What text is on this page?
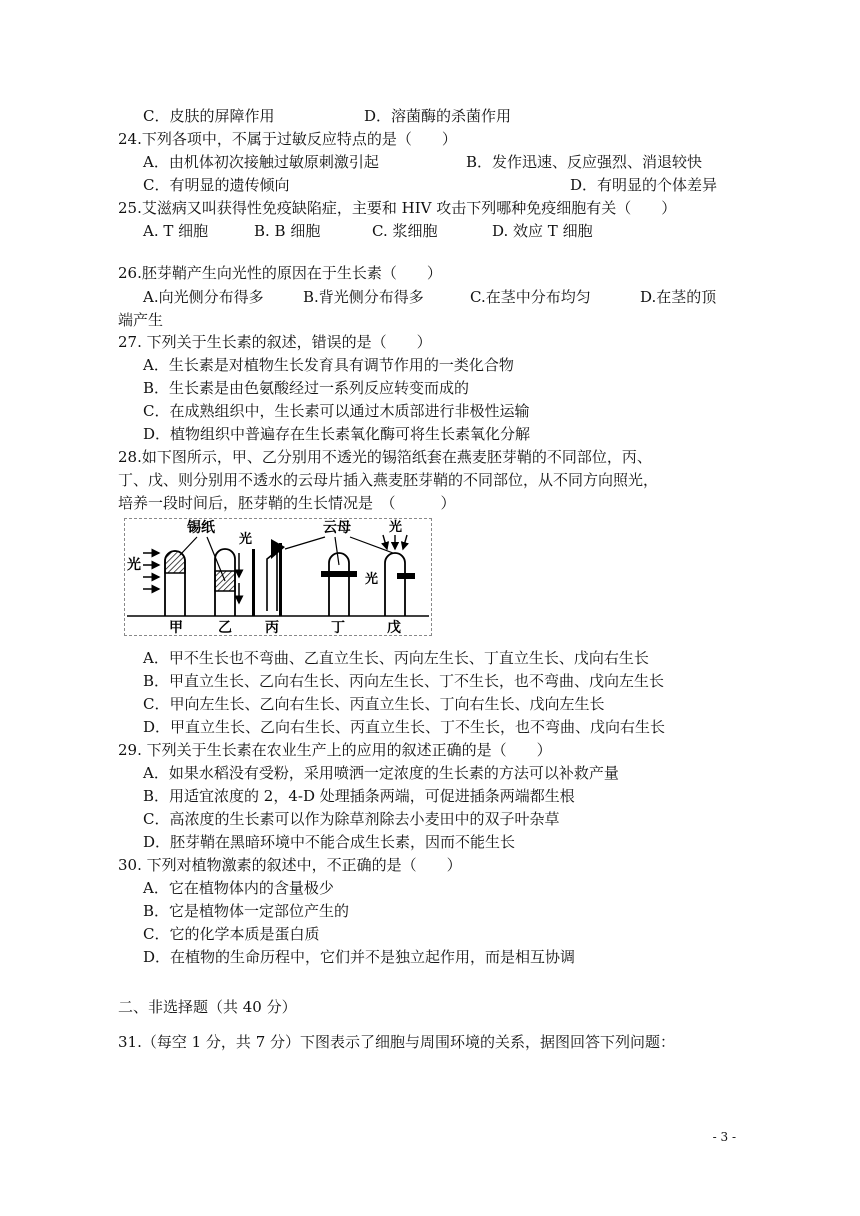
C．皮肤的屏障作用	D．溶菌酶的杀菌作用
24.下列各项中，不属于过敏反应特点的是（　　）
A．由机体初次接触过敏原刺激引起	B．发作迅速、反应强烈、消退较快
C．有明显的遗传倾向	D．有明显的个体差异
25.艾滋病又叫获得性免疫缺陷症，主要和 HIV 攻击下列哪种免疫细胞有关（　　）
A. T 细胞	B. B 细胞	C. 浆细胞	D. 效应 T 细胞
26.胚芽鞘产生向光性的原因在于生长素（　　）
A.向光侧分布得多	B.背光侧分布得多	C.在茎中分布均匀	D.在茎的顶
端产生
27. 下列关于生长素的叙述，错误的是（　　）
A．生长素是对植物生长发育具有调节作用的一类化合物
B．生长素是由色氨酸经过一系列反应转变而成的
C．在成熟组织中，生长素可以通过木质部进行非极性运输
D．植物组织中普遍存在生长素氧化酶可将生长素氧化分解
28.如下图所示，甲、乙分别用不透光的锡箔纸套在燕麦胚芽鞘的不同部位，丙、
丁、戊、则分别用不透水的云母片插入燕麦胚芽鞘的不同部位，从不同方向照光，
培养一段时间后，胚芽鞘的生长情况是　（　　　）
光
甲
锡纸
光
乙 丙
云母
丁
光
光
戊
A．甲不生长也不弯曲、乙直立生长、丙向左生长、丁直立生长、戊向右生长
B．甲直立生长、乙向右生长、丙向左生长、丁不生长，也不弯曲、戊向左生长
C．甲向左生长、乙向右生长、丙直立生长、丁向右生长、戊向左生长
D．甲直立生长、乙向右生长、丙直立生长、丁不生长，也不弯曲、戊向右生长
29. 下列关于生长素在农业生产上的应用的叙述正确的是（　　）
A．如果水稻没有受粉，采用喷洒一定浓度的生长素的方法可以补救产量
B．用适宜浓度的 2，4-D 处理插条两端，可促进插条两端都生根
C．高浓度的生长素可以作为除草剂除去小麦田中的双子叶杂草
D．胚芽鞘在黑暗环境中不能合成生长素，因而不能生长
30. 下列对植物激素的叙述中，不正确的是（　　）
A．它在植物体内的含量极少
B．它是植物体一定部位产生的
C．它的化学本质是蛋白质
D．在植物的生命历程中，它们并不是独立起作用，而是相互协调
二、非选择题（共 40 分）
31.（每空 1 分，共 7 分）下图表示了细胞与周围环境的关系，据图回答下列问题：
- 3 -
